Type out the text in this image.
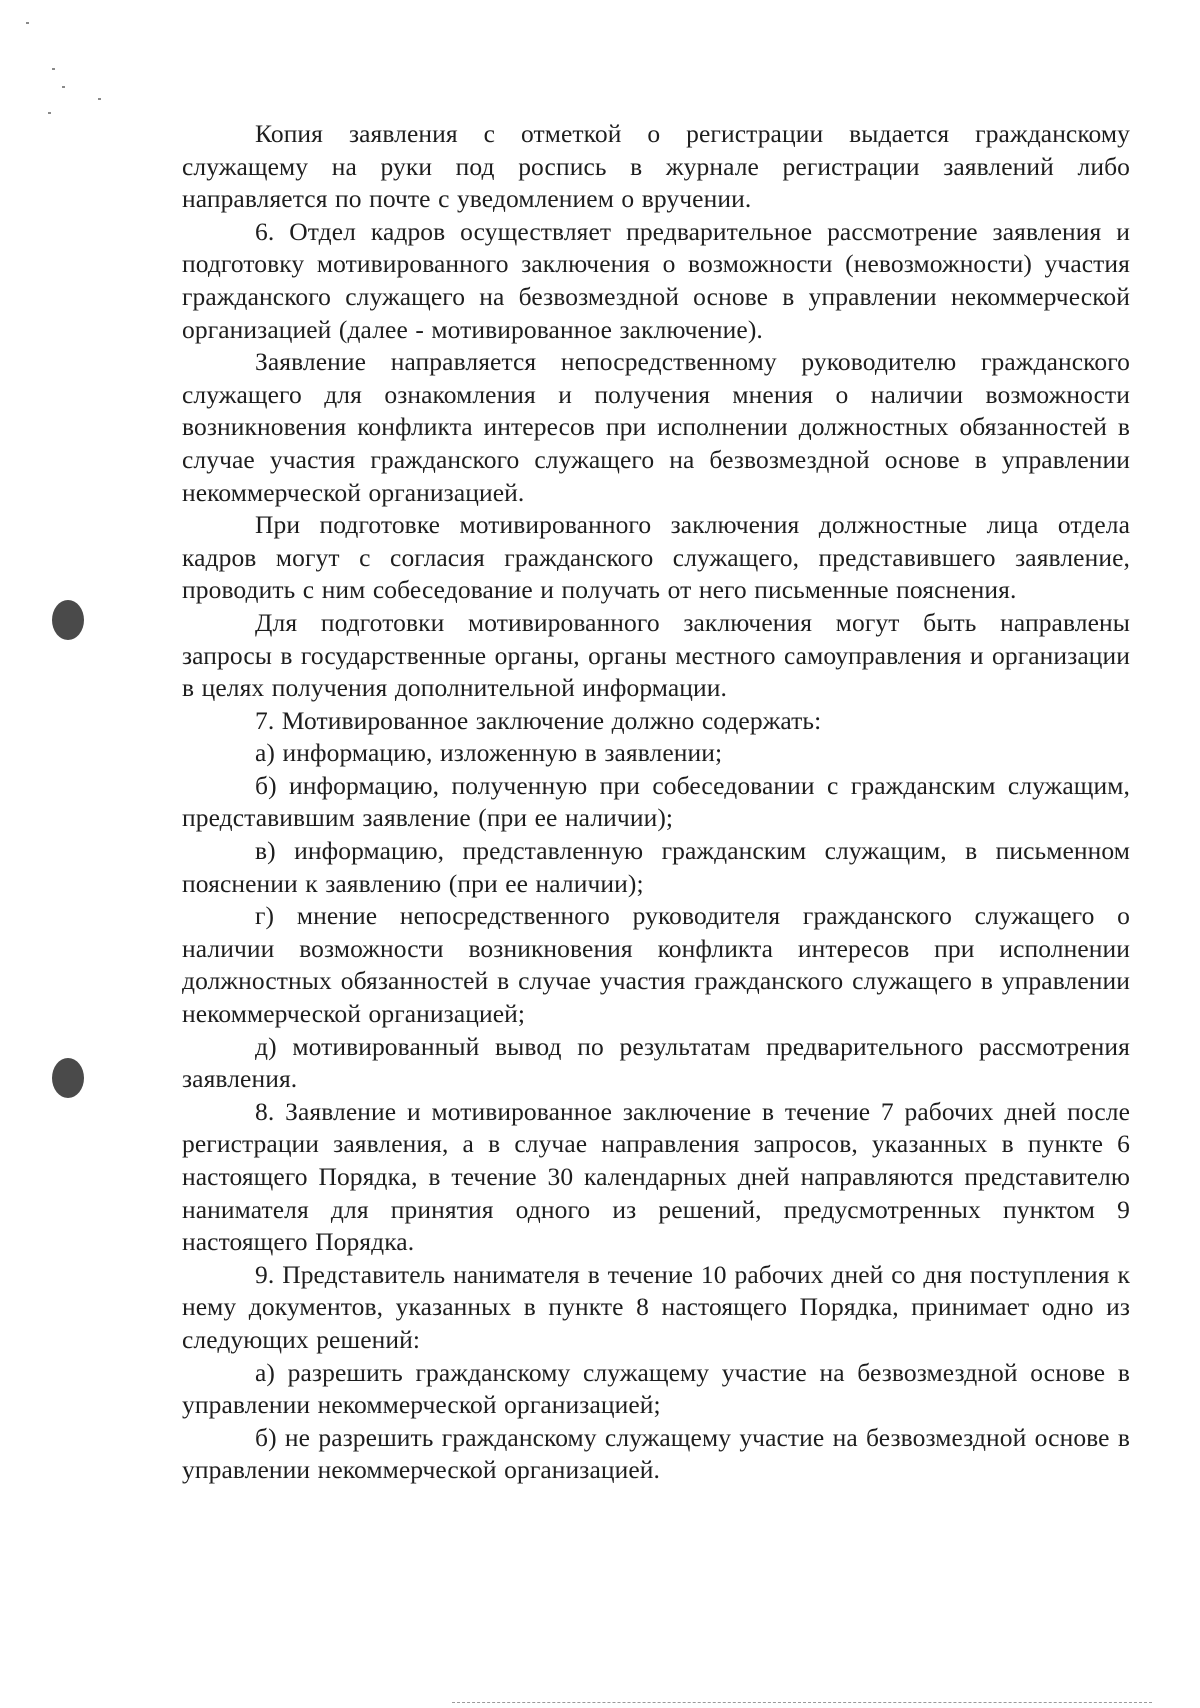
Копия заявления с отметкой о регистрации выдается гражданскому служащему на руки под роспись в журнале регистрации заявлений либо направляется по почте с уведомлением о вручении.

6. Отдел кадров осуществляет предварительное рассмотрение заявления и подготовку мотивированного заключения о возможности (невозможности) участия гражданского служащего на безвозмездной основе в управлении некоммерческой организацией (далее - мотивированное заключение).

Заявление направляется непосредственному руководителю гражданского служащего для ознакомления и получения мнения о наличии возможности возникновения конфликта интересов при исполнении должностных обязанностей в случае участия гражданского служащего на безвозмездной основе в управлении некоммерческой организацией.

При подготовке мотивированного заключения должностные лица отдела кадров могут с согласия гражданского служащего, представившего заявление, проводить с ним собеседование и получать от него письменные пояснения.

Для подготовки мотивированного заключения могут быть направлены запросы в государственные органы, органы местного самоуправления и организации в целях получения дополнительной информации.

7. Мотивированное заключение должно содержать:

а) информацию, изложенную в заявлении;

б) информацию, полученную при собеседовании с гражданским служащим, представившим заявление (при ее наличии);

в) информацию, представленную гражданским служащим, в письменном пояснении к заявлению (при ее наличии);

г) мнение непосредственного руководителя гражданского служащего о наличии возможности возникновения конфликта интересов при исполнении должностных обязанностей в случае участия гражданского служащего в управлении некоммерческой организацией;

д) мотивированный вывод по результатам предварительного рассмотрения заявления.

8. Заявление и мотивированное заключение в течение 7 рабочих дней после регистрации заявления, а в случае направления запросов, указанных в пункте 6 настоящего Порядка, в течение 30 календарных дней направляются представителю нанимателя для принятия одного из решений, предусмотренных пунктом 9 настоящего Порядка.

9. Представитель нанимателя в течение 10 рабочих дней со дня поступления к нему документов, указанных в пункте 8 настоящего Порядка, принимает одно из следующих решений:

а) разрешить гражданскому служащему участие на безвозмездной основе в управлении некоммерческой организацией;

б) не разрешить гражданскому служащему участие на безвозмездной основе в управлении некоммерческой организацией.
